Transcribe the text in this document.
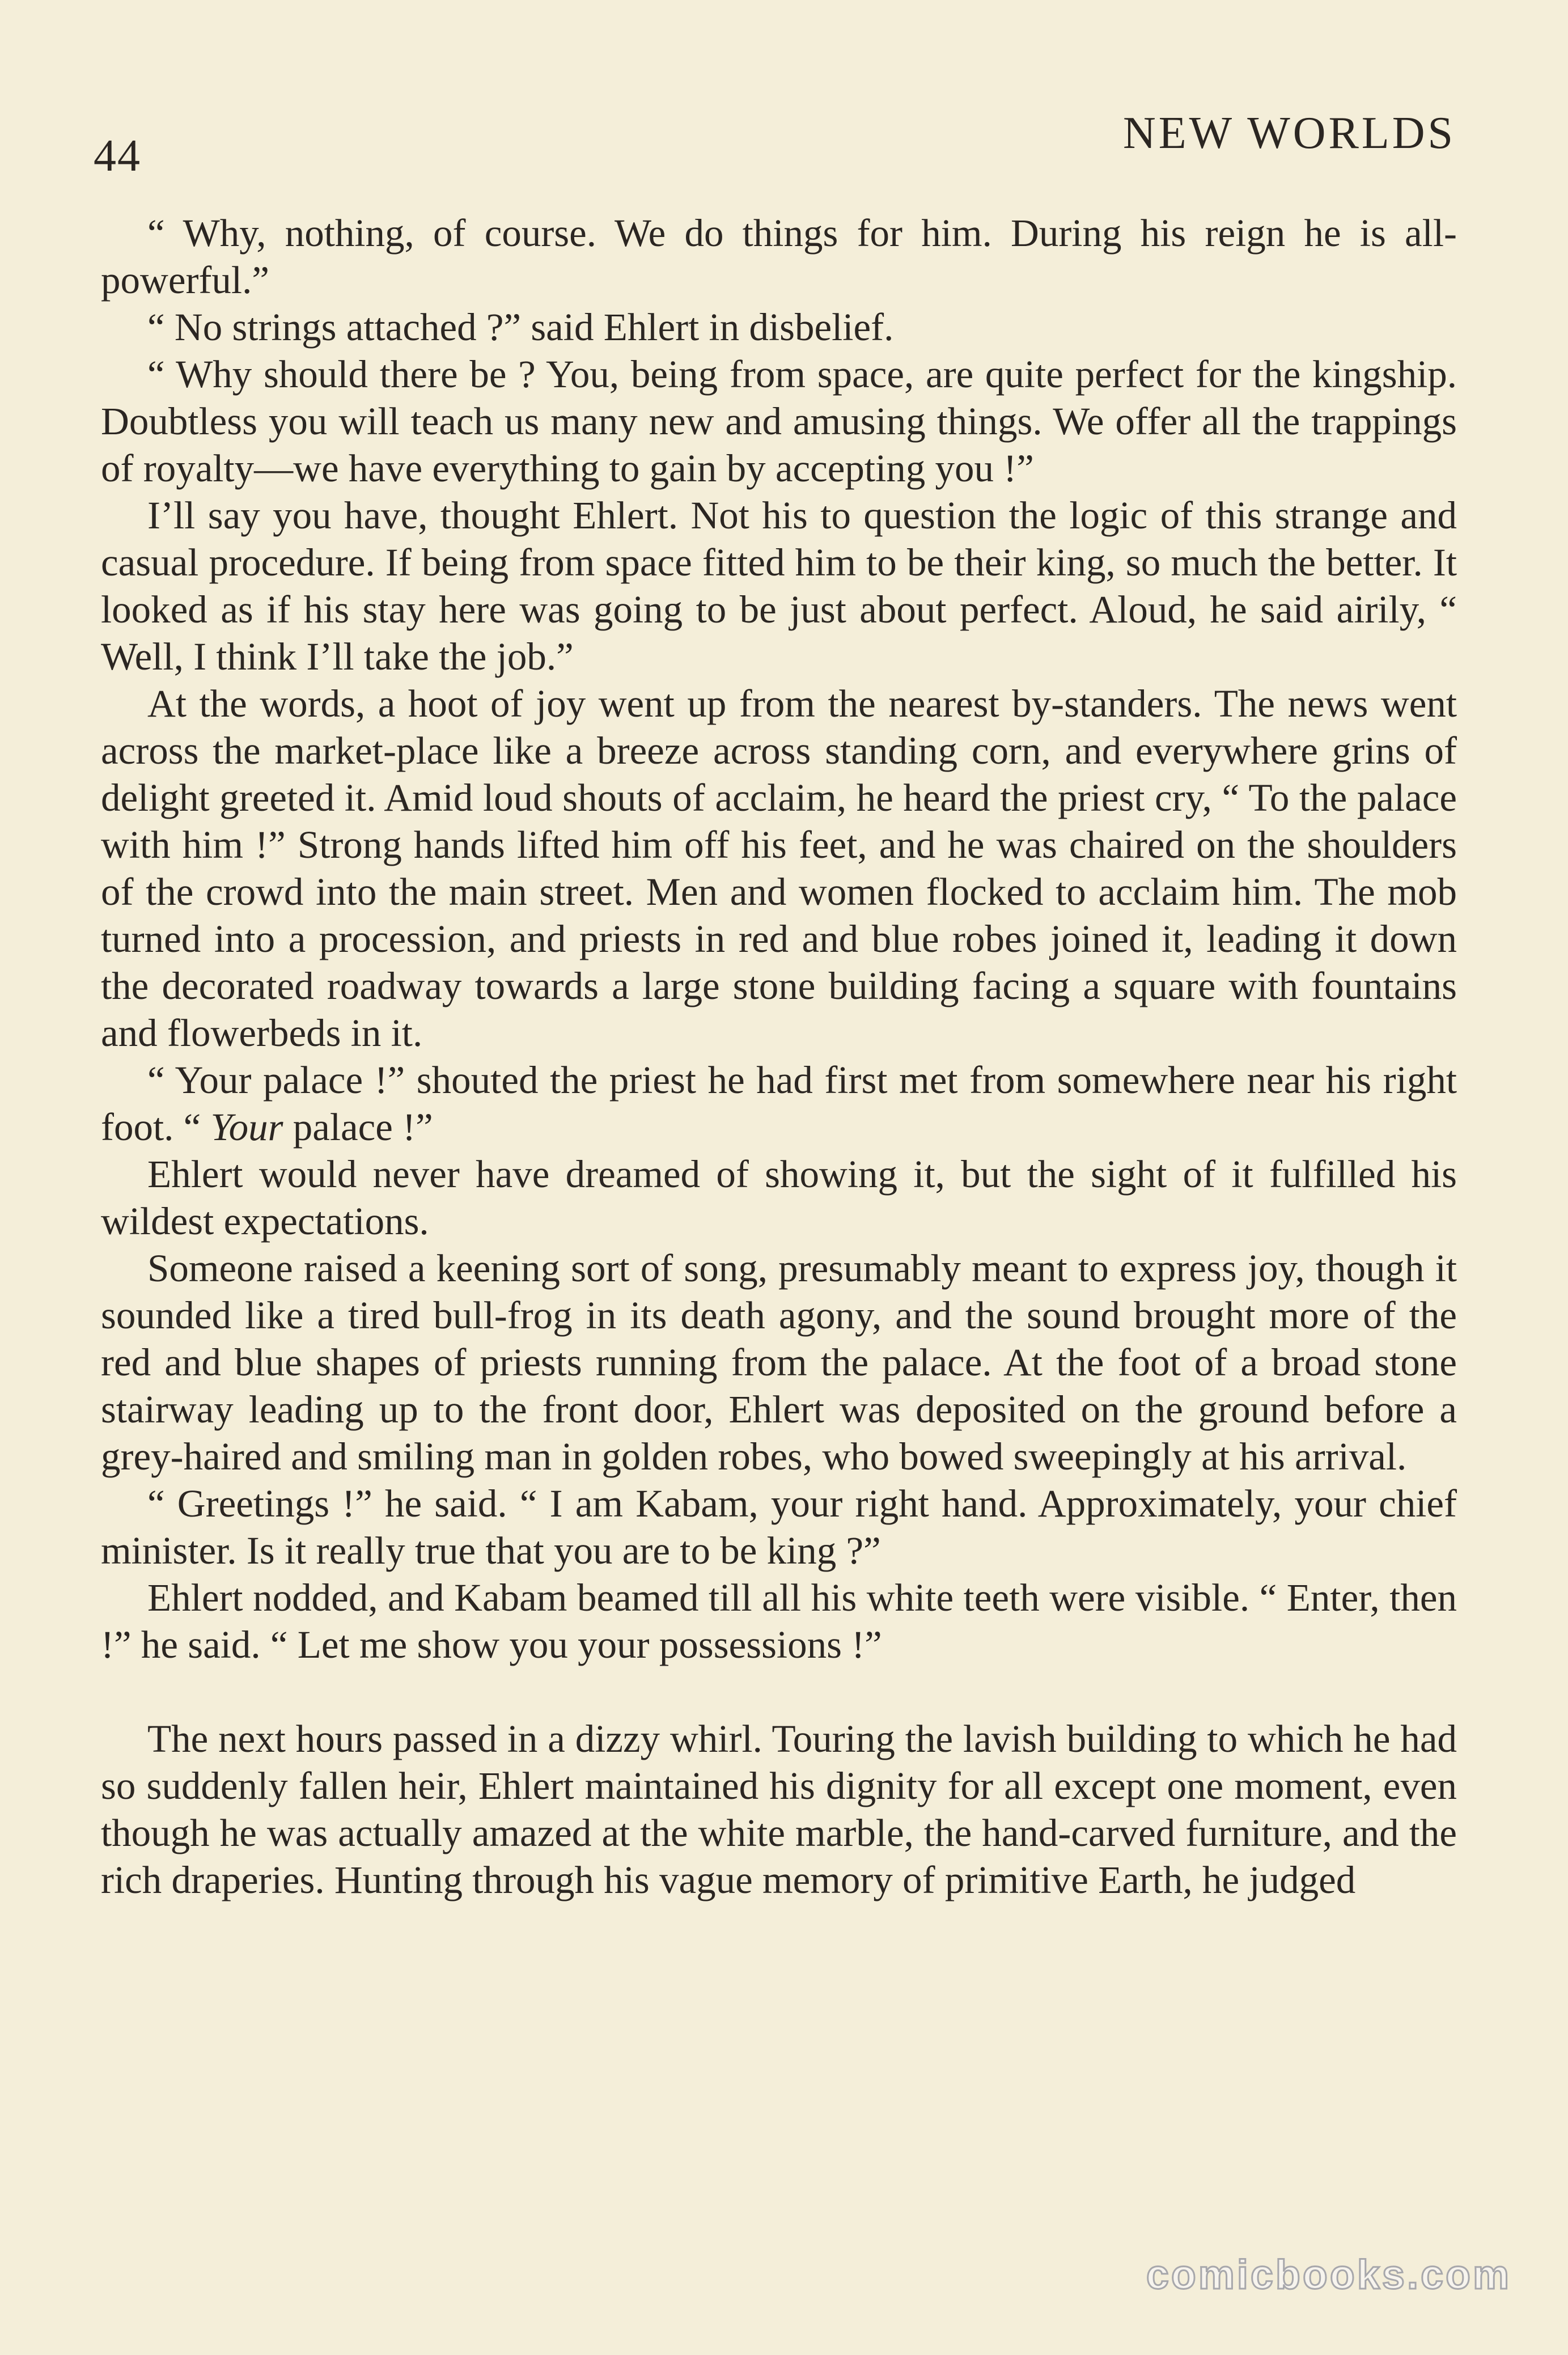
44	NEW WORLDS

“ Why, nothing, of course. We do things for him. During his reign he is all-powerful.”

“ No strings attached ?” said Ehlert in disbelief.

“ Why should there be ? You, being from space, are quite perfect for the kingship. Doubtless you will teach us many new and amusing things. We offer all the trappings of royalty—we have everything to gain by accepting you !”

I’ll say you have, thought Ehlert. Not his to question the logic of this strange and casual procedure. If being from space fitted him to be their king, so much the better. It looked as if his stay here was going to be just about perfect. Aloud, he said airily, “ Well, I think I’ll take the job.”

At the words, a hoot of joy went up from the nearest by-standers. The news went across the market-place like a breeze across standing corn, and everywhere grins of delight greeted it. Amid loud shouts of acclaim, he heard the priest cry, “ To the palace with him !” Strong hands lifted him off his feet, and he was chaired on the shoulders of the crowd into the main street. Men and women flocked to acclaim him. The mob turned into a procession, and priests in red and blue robes joined it, leading it down the decorated roadway towards a large stone building facing a square with fountains and flowerbeds in it.

“ Your palace !” shouted the priest he had first met from somewhere near his right foot. “ Your palace !”

Ehlert would never have dreamed of showing it, but the sight of it fulfilled his wildest expectations.

Someone raised a keening sort of song, presumably meant to express joy, though it sounded like a tired bull-frog in its death agony, and the sound brought more of the red and blue shapes of priests running from the palace. At the foot of a broad stone stairway leading up to the front door, Ehlert was deposited on the ground before a grey-haired and smiling man in golden robes, who bowed sweepingly at his arrival.

“ Greetings !” he said. “ I am Kabam, your right hand. Approximately, your chief minister. Is it really true that you are to be king ?”

Ehlert nodded, and Kabam beamed till all his white teeth were visible. “ Enter, then !” he said. “ Let me show you your possessions !”

The next hours passed in a dizzy whirl. Touring the lavish building to which he had so suddenly fallen heir, Ehlert maintained his dignity for all except one moment, even though he was actually amazed at the white marble, the hand-carved furniture, and the rich draperies. Hunting through his vague memory of primitive Earth, he judged

comicbooks.com
